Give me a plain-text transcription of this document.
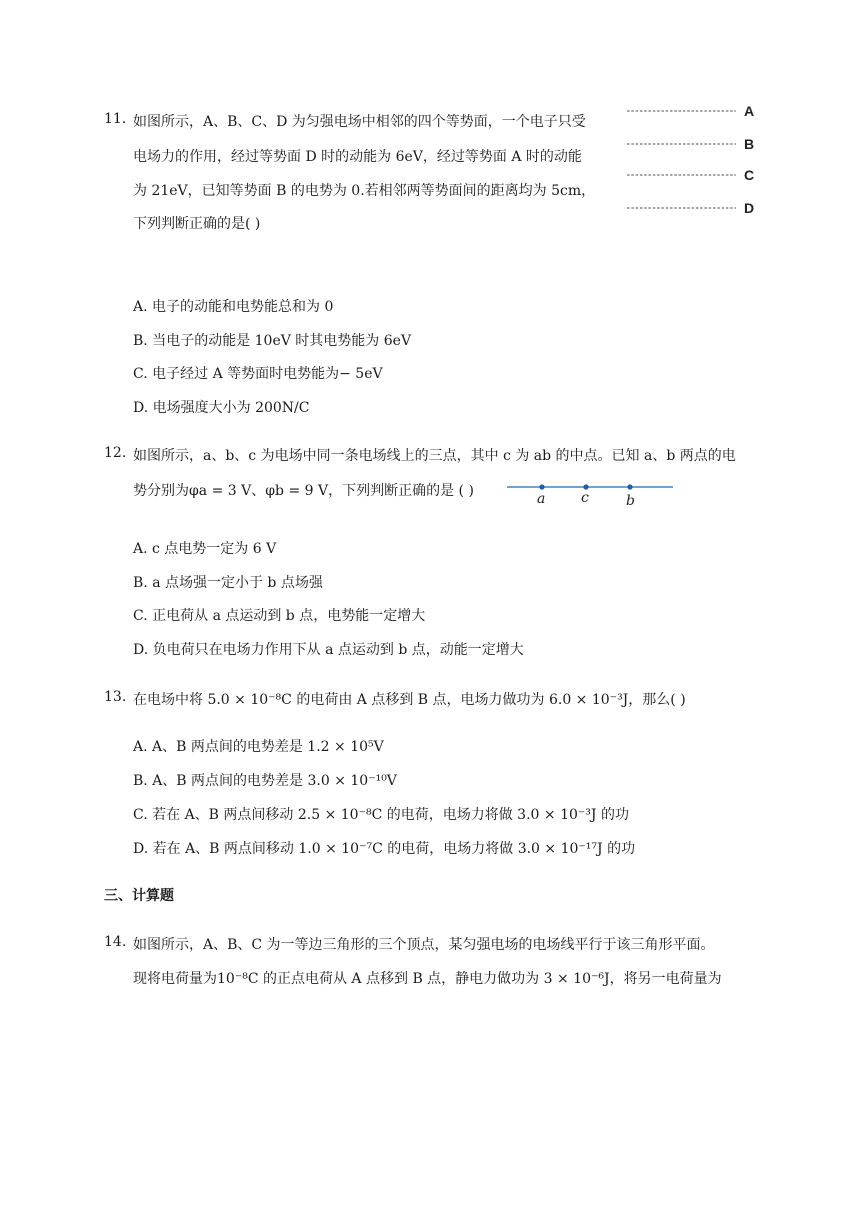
11. 如图所示，A、B、C、D 为匀强电场中相邻的四个等势面，一个电子只受
电场力的作用，经过等势面 D 时的动能为 6eV，经过等势面 A 时的动能
为 21eV，已知等势面 B 的电势为 0.若相邻两等势面间的距离均为 5cm，
下列判断正确的是( )
A
B
C
D
A. 电子的动能和电势能总和为 0
B. 当电子的动能是 10eV 时其电势能为 6eV
C. 电子经过 A 等势面时电势能为− 5eV
D. 电场强度大小为 200N/C
12. 如图所示，a、b、c 为电场中同一条电场线上的三点，其中 c 为 ab 的中点。已知 a、b 两点的电
势分别为φa = 3 V、φb = 9 V，下列判断正确的是 ( )	a	c	b
A. c 点电势一定为 6 V
B. a 点场强一定小于 b 点场强
C. 正电荷从 a 点运动到 b 点，电势能一定增大
D. 负电荷只在电场力作用下从 a 点运动到 b 点，动能一定增大
13. 在电场中将 5.0 × 10⁻⁸C 的电荷由 A 点移到 B 点，电场力做功为 6.0 × 10⁻³J，那么( )
A. A、B 两点间的电势差是 1.2 × 10⁵V
B. A、B 两点间的电势差是 3.0 × 10⁻¹⁰V
C. 若在 A、B 两点间移动 2.5 × 10⁻⁸C 的电荷，电场力将做 3.0 × 10⁻³J 的功
D. 若在 A、B 两点间移动 1.0 × 10⁻⁷C 的电荷，电场力将做 3.0 × 10⁻¹⁷J 的功
三、计算题
14. 如图所示，A、B、C 为一等边三角形的三个顶点，某匀强电场的电场线平行于该三角形平面。
现将电荷量为10⁻⁸C 的正点电荷从 A 点移到 B 点，静电力做功为 3 × 10⁻⁶J，将另一电荷量为
